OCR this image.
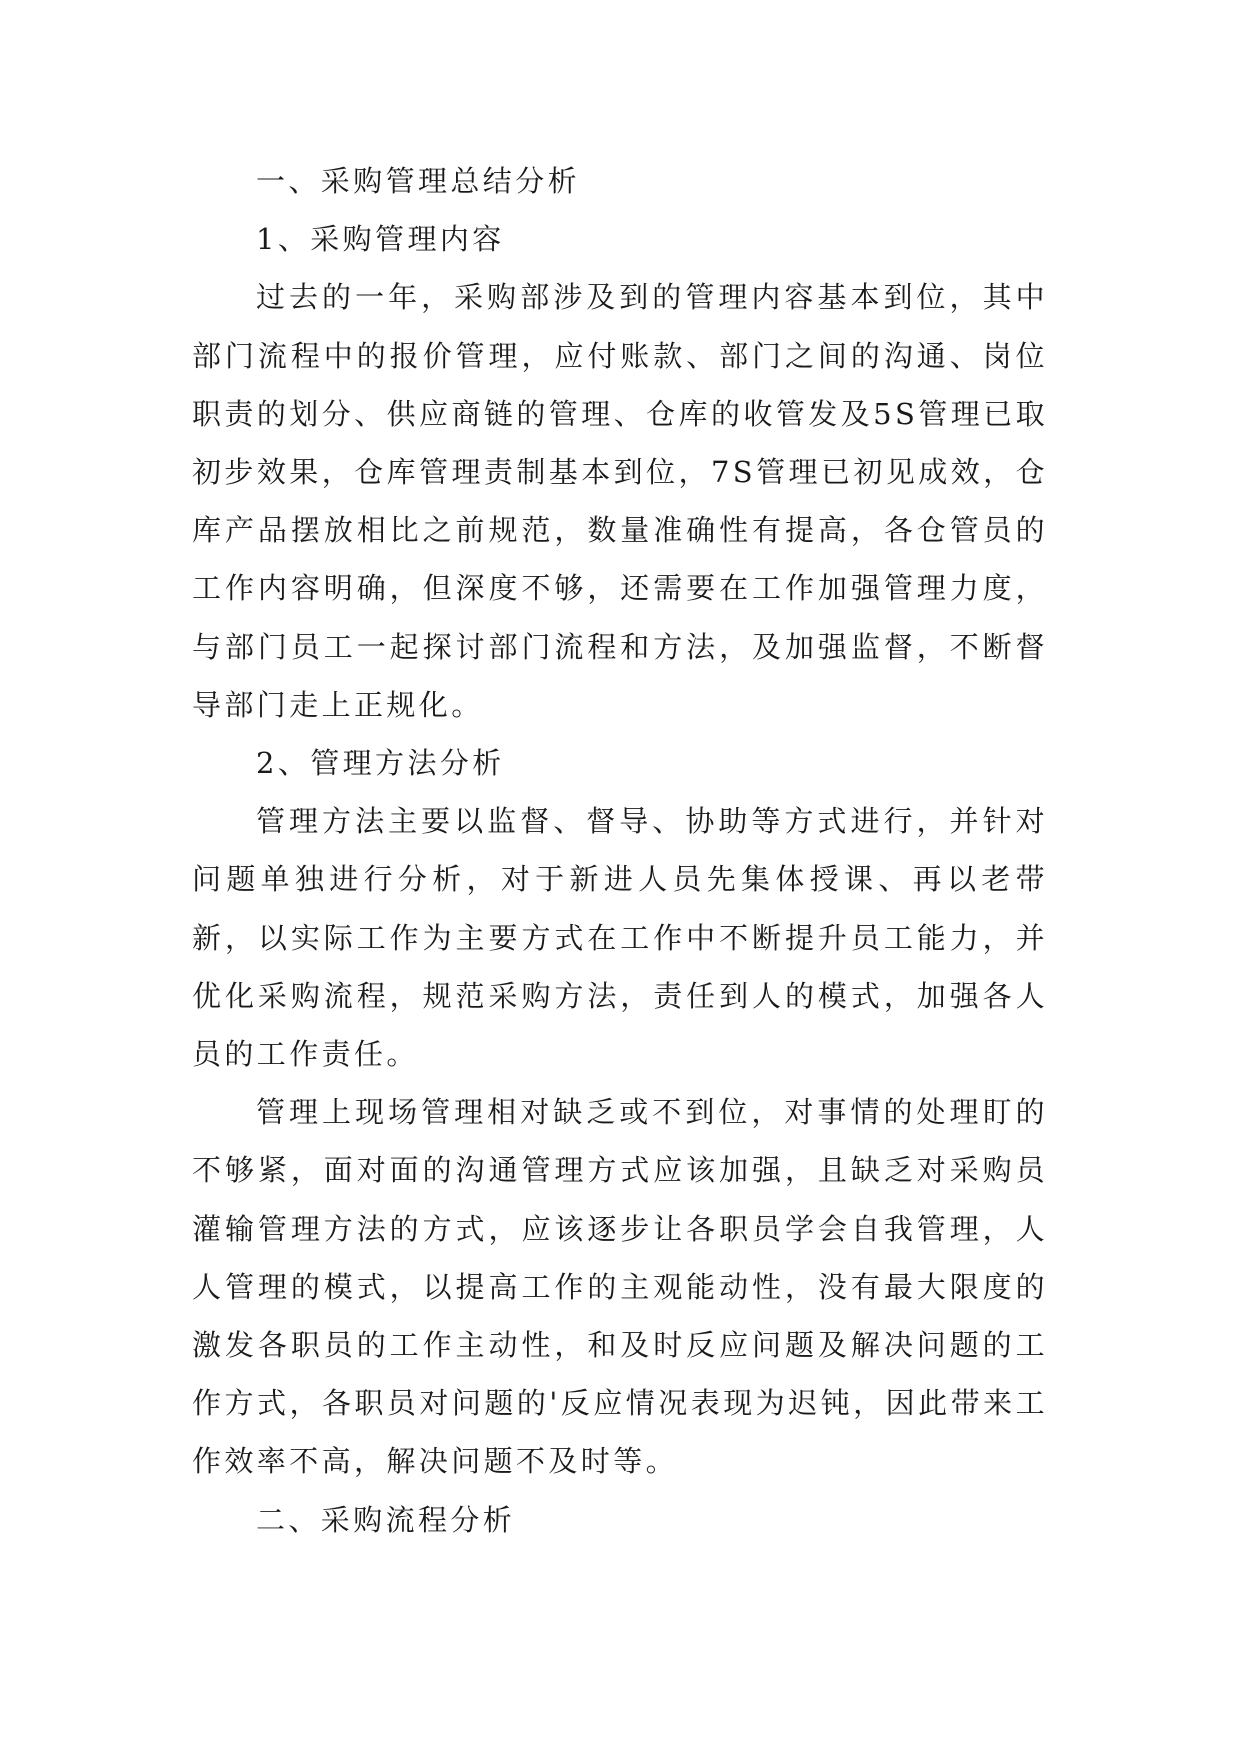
一、采购管理总结分析

1、采购管理内容

过去的一年，采购部涉及到的管理内容基本到位，其中部门流程中的报价管理，应付账款、部门之间的沟通、岗位职责的划分、供应商链的管理、仓库的收管发及5S管理已取初步效果，仓库管理责制基本到位，7S管理已初见成效，仓库产品摆放相比之前规范，数量准确性有提高，各仓管员的工作内容明确，但深度不够，还需要在工作加强管理力度，与部门员工一起探讨部门流程和方法，及加强监督，不断督导部门走上正规化。

2、管理方法分析

管理方法主要以监督、督导、协助等方式进行，并针对问题单独进行分析，对于新进人员先集体授课、再以老带新，以实际工作为主要方式在工作中不断提升员工能力，并优化采购流程，规范采购方法，责任到人的模式，加强各人员的工作责任。

管理上现场管理相对缺乏或不到位，对事情的处理盯的不够紧，面对面的沟通管理方式应该加强，且缺乏对采购员灌输管理方法的方式，应该逐步让各职员学会自我管理，人人管理的模式，以提高工作的主观能动性，没有最大限度的激发各职员的工作主动性，和及时反应问题及解决问题的工作方式，各职员对问题的'反应情况表现为迟钝，因此带来工作效率不高，解决问题不及时等。

二、采购流程分析
